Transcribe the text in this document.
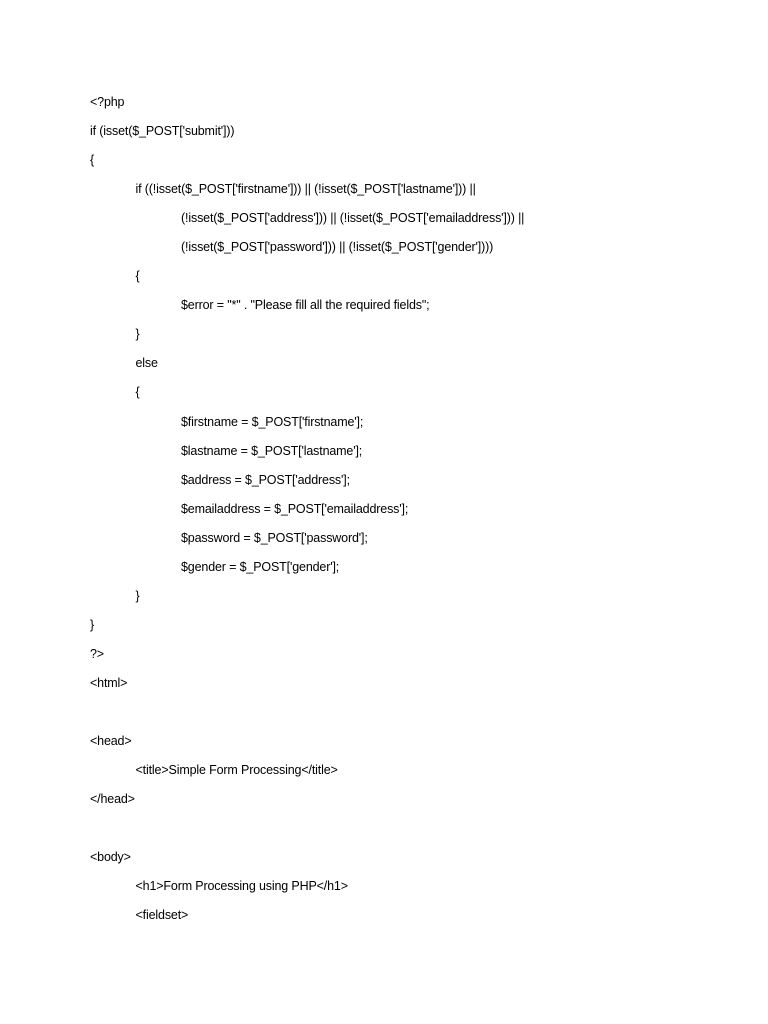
<?php
if (isset($_POST['submit']))
{
if ((!isset($_POST['firstname'])) || (!isset($_POST['lastname'])) ||
(!isset($_POST['address'])) || (!isset($_POST['emailaddress'])) ||
(!isset($_POST['password'])) || (!isset($_POST['gender'])))
{
$error = "*" . "Please fill all the required fields";
}
else
{
$firstname = $_POST['firstname'];
$lastname = $_POST['lastname'];
$address = $_POST['address'];
$emailaddress = $_POST['emailaddress'];
$password = $_POST['password'];
$gender = $_POST['gender'];
}
}
?>
<html>
<head>
<title>Simple Form Processing</title>
</head>
<body>
<h1>Form Processing using PHP</h1>
<fieldset>
